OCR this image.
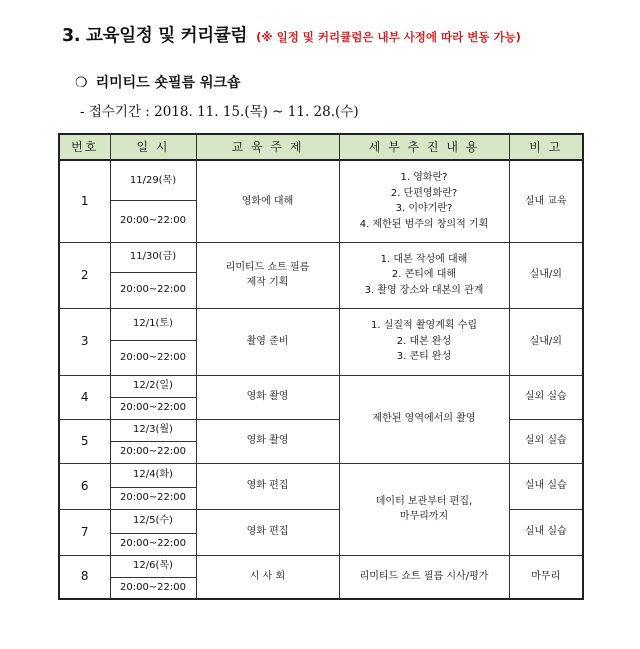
3. 교육일정 및 커리큘럼 (※ 일정 및 커리큘럼은 내부 사정에 따라 변동 가능)
❍ 리미티드 숏필름 워크숍
- 접수기간 : 2018. 11. 15.(목) ~ 11. 28.(수)
번호	일 시	교 육 주 제	세 부 추 진 내 용	비 고
1	11/29(목)	영화에 대해	1. 영화란?
2. 단편영화란?
3. 이야기란?
4. 제한된 범주의 창의적 기획	실내 교육
	20:00~22:00			
2	11/30(금)	리미티드 쇼트 필름
제작 기획	1. 대본 작성에 대해
2. 콘티에 대해
3. 촬영 장소와 대본의 관계	실내/외
	20:00~22:00			
3	12/1(토)	촬영 준비	1. 실질적 촬영계획 수립
2. 대본 완성
3. 콘티 완성	실내/외
	20:00~22:00			
4	12/2(일)	영화 촬영	제한된 영역에서의 촬영	실외 실습
	20:00~22:00			
5	12/3(월)	영화 촬영		실외 실습
	20:00~22:00			
6	12/4(화)	영화 편집	데이터 보관부터 편집,
마무리까지	실내 실습
	20:00~22:00			
7	12/5(수)	영화 편집		실내 실습
	20:00~22:00			
8	12/6(목)	시 사 회	리미티드 쇼트 필름 시사/평가	마무리
	20:00~22:00			
